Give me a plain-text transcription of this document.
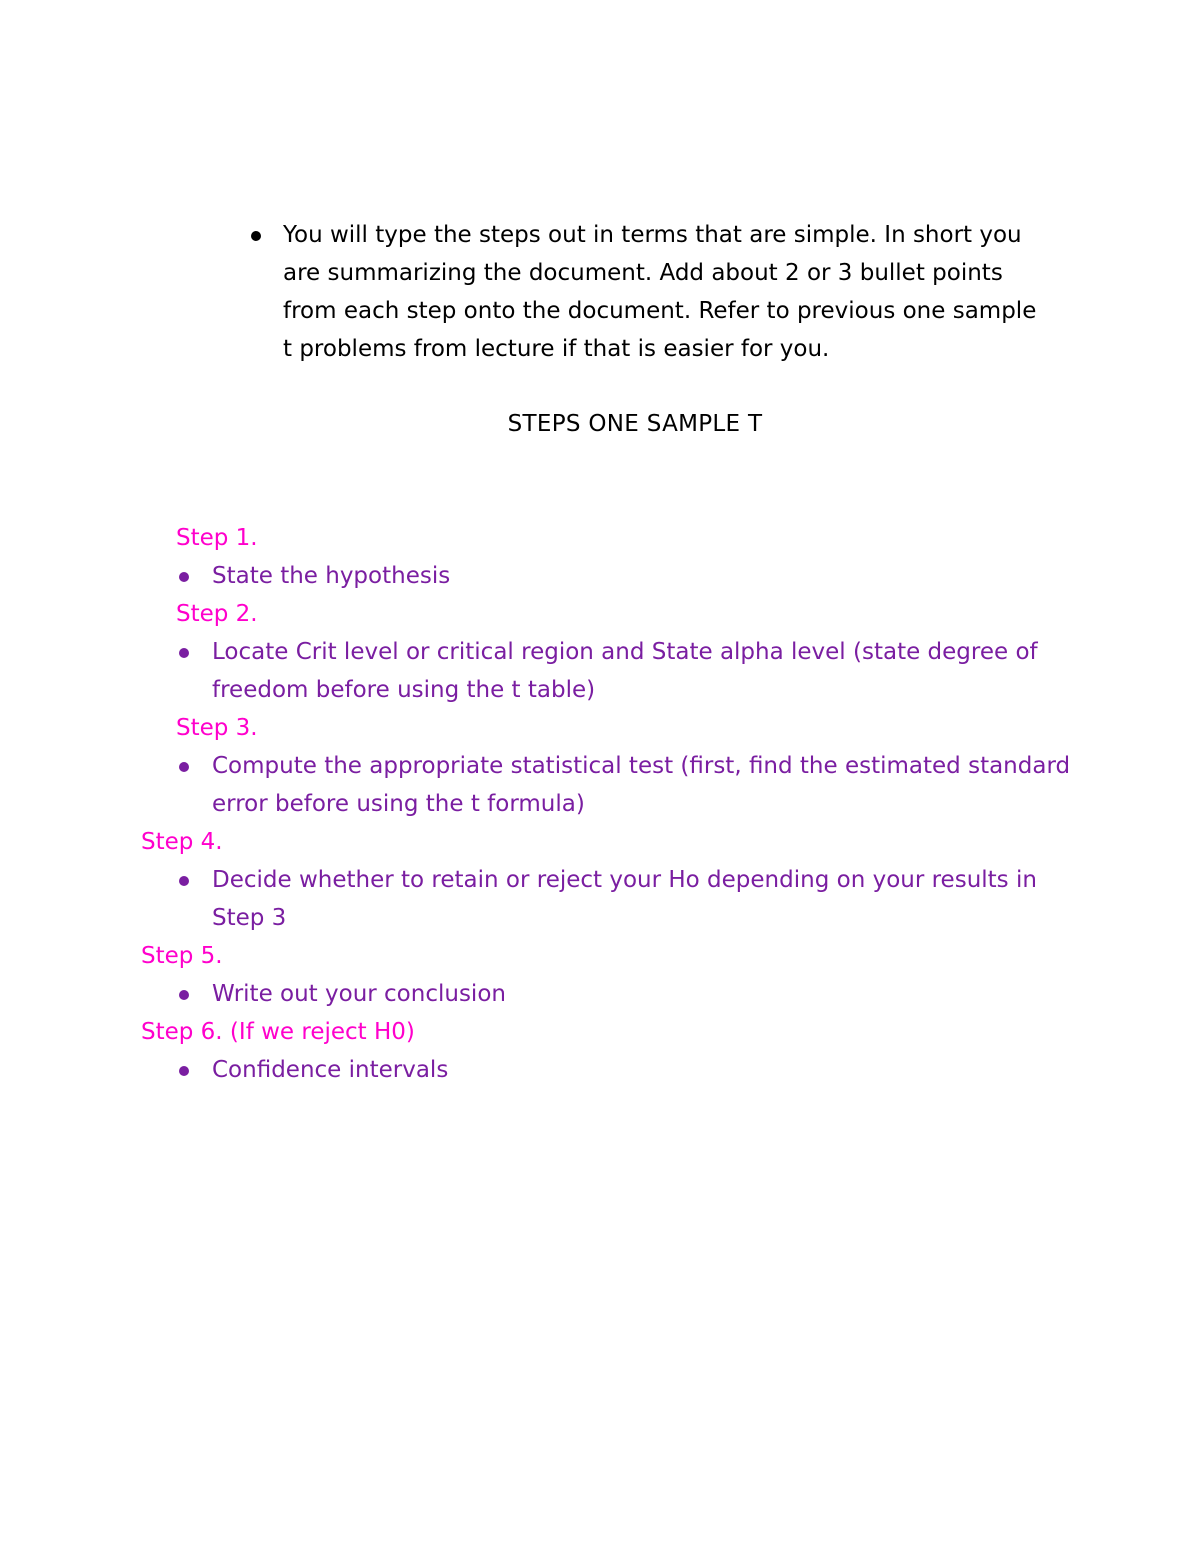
You will type the steps out in terms that are simple. In short you are summarizing the document. Add about 2 or 3 bullet points from each step onto the document. Refer to previous one sample t problems from lecture if that is easier for you.
STEPS ONE SAMPLE T
Step 1.
State the hypothesis
Step 2.
Locate Crit level or critical region and State alpha level (state degree of freedom before using the t table)
Step 3.
Compute the appropriate statistical test (first, find the estimated standard error before using the t formula)
Step 4.
Decide whether to retain or reject your Ho depending on your results in Step 3
Step 5.
Write out your conclusion
Step 6. (If we reject H0)
Confidence intervals
